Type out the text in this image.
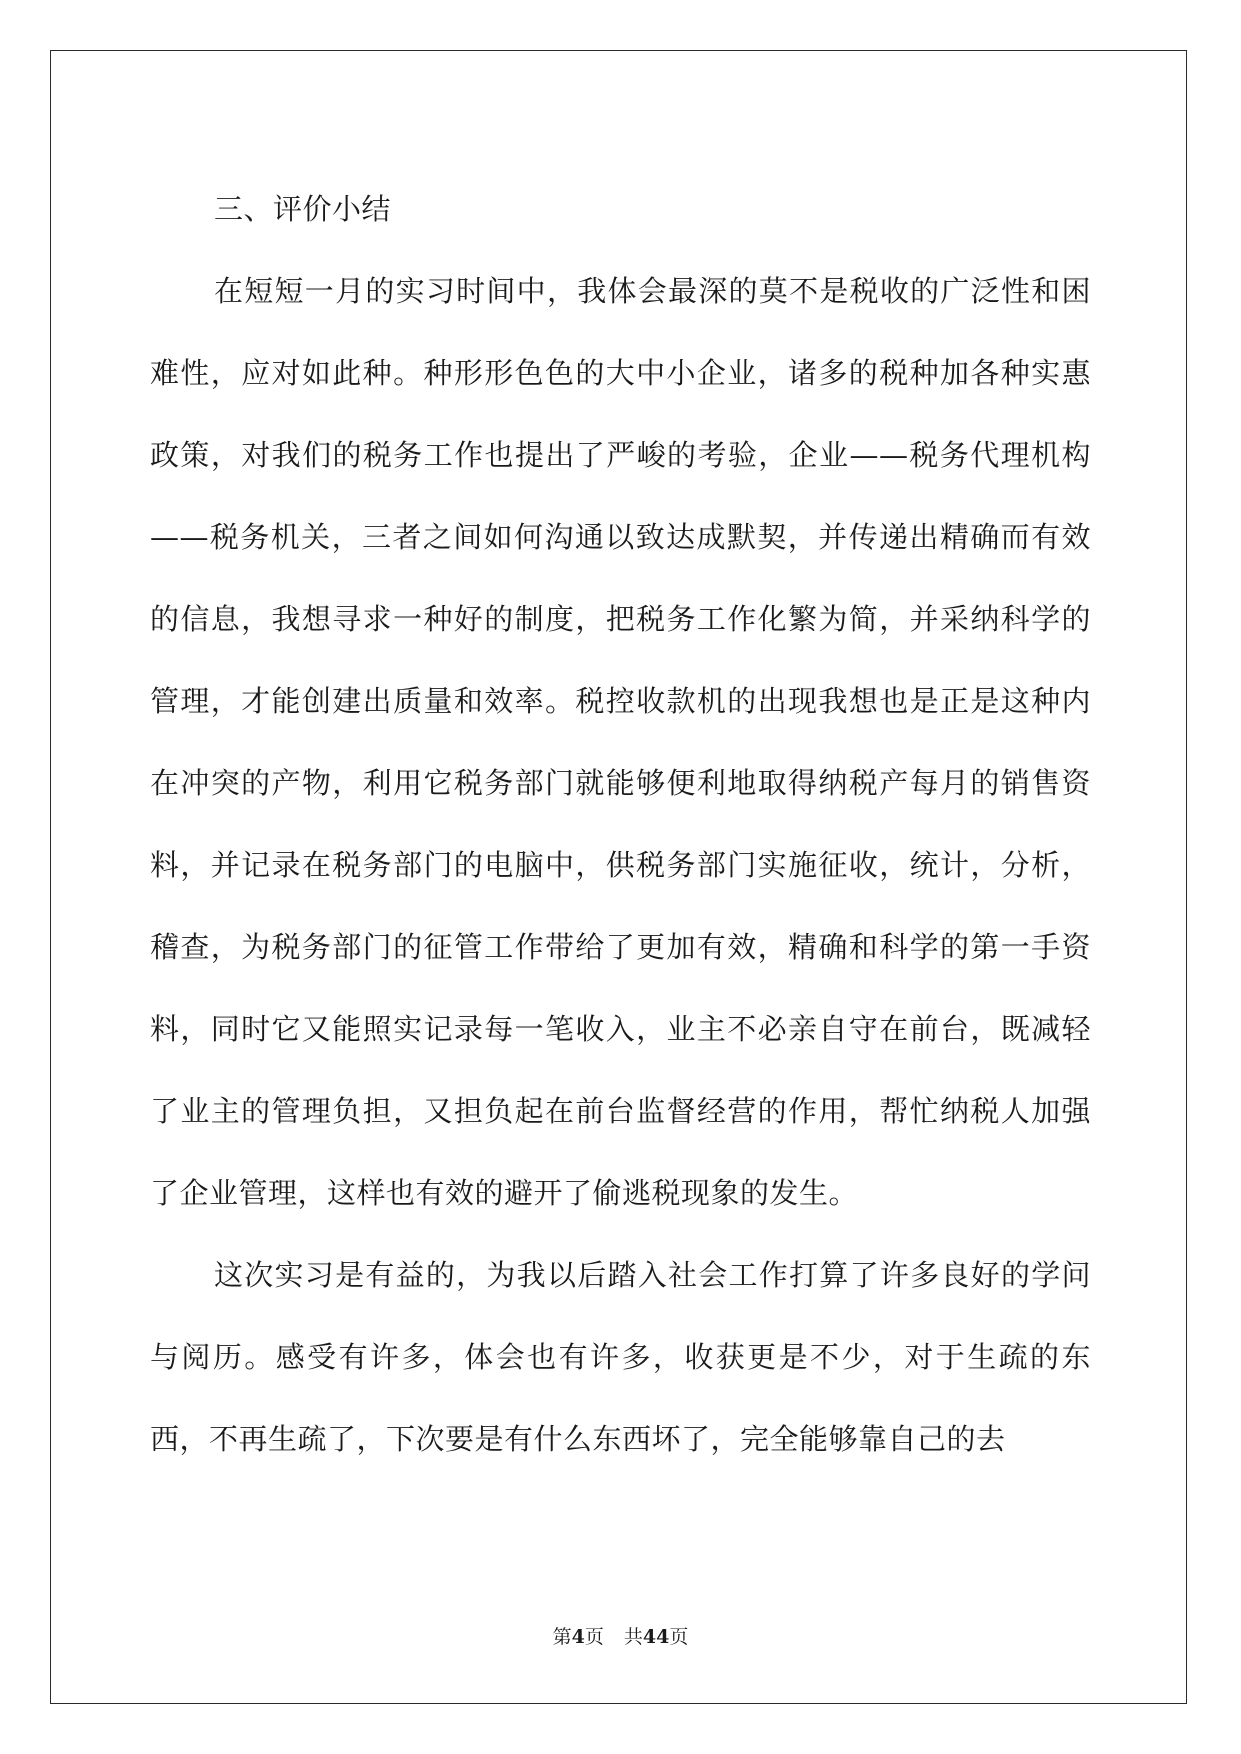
三、评价小结

在短短一月的实习时间中，我体会最深的莫不是税收的广泛性和困难性，应对如此种。种形形色色的大中小企业，诸多的税种加各种实惠政策，对我们的税务工作也提出了严峻的考验，企业——税务代理机构——税务机关，三者之间如何沟通以致达成默契，并传递出精确而有效的信息，我想寻求一种好的制度，把税务工作化繁为简，并采纳科学的管理，才能创建出质量和效率。税控收款机的出现我想也是正是这种内在冲突的产物，利用它税务部门就能够便利地取得纳税产每月的销售资料，并记录在税务部门的电脑中，供税务部门实施征收，统计，分析，稽查，为税务部门的征管工作带给了更加有效，精确和科学的第一手资料，同时它又能照实记录每一笔收入，业主不必亲自守在前台，既减轻了业主的管理负担，又担负起在前台监督经营的作用，帮忙纳税人加强了企业管理，这样也有效的避开了偷逃税现象的发生。

这次实习是有益的，为我以后踏入社会工作打算了许多良好的学问与阅历。感受有许多，体会也有许多，收获更是不少，对于生疏的东西，不再生疏了，下次要是有什么东西坏了，完全能够靠自己的去

第4页 共44页
